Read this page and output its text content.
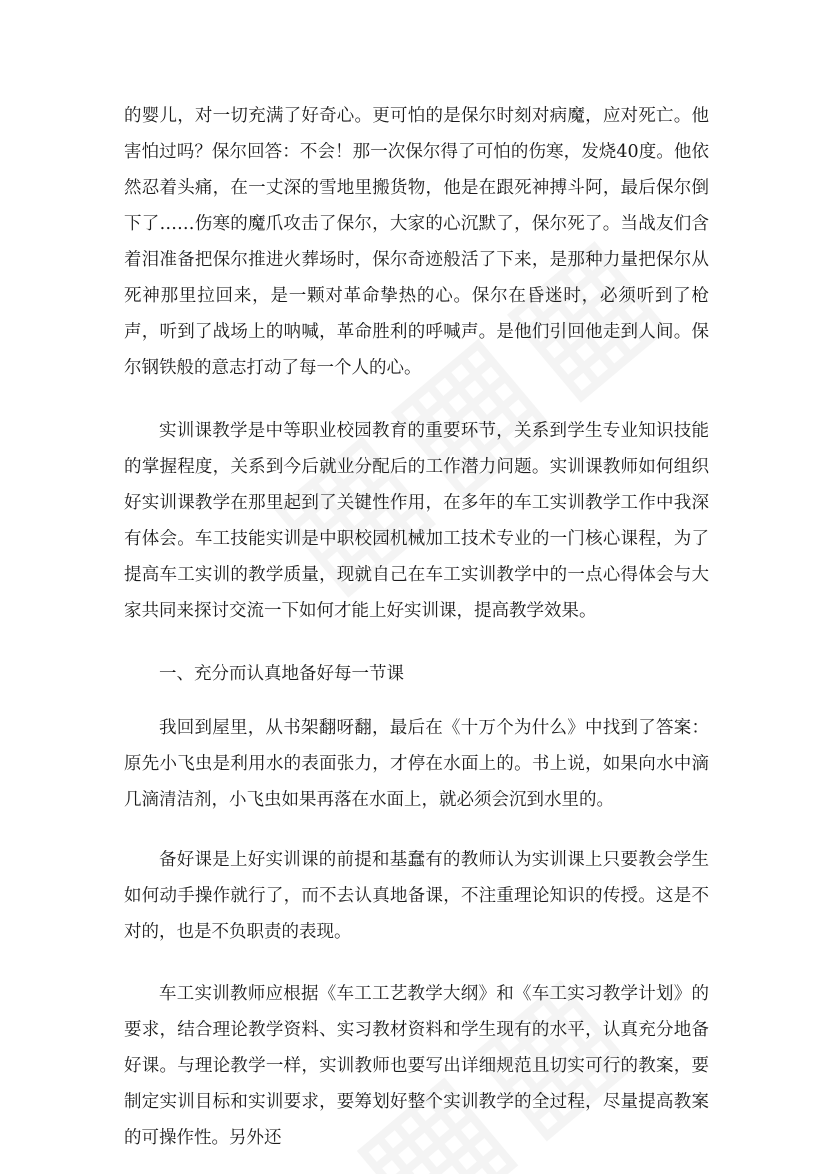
的婴儿，对一切充满了好奇心。更可怕的是保尔时刻对病魔，应对死亡。他害怕过吗？保尔回答：不会！那一次保尔得了可怕的伤寒，发烧40度。他依然忍着头痛，在一丈深的雪地里搬货物，他是在跟死神搏斗阿，最后保尔倒下了……伤寒的魔爪攻击了保尔，大家的心沉默了，保尔死了。当战友们含着泪准备把保尔推进火葬场时，保尔奇迹般活了下来，是那种力量把保尔从死神那里拉回来，是一颗对革命挚热的心。保尔在昏迷时，必须听到了枪声，听到了战场上的呐喊，革命胜利的呼喊声。是他们引回他走到人间。保尔钢铁般的意志打动了每一个人的心。

实训课教学是中等职业校园教育的重要环节，关系到学生专业知识技能的掌握程度，关系到今后就业分配后的工作潜力问题。实训课教师如何组织好实训课教学在那里起到了关键性作用，在多年的车工实训教学工作中我深有体会。车工技能实训是中职校园机械加工技术专业的一门核心课程，为了提高车工实训的教学质量，现就自己在车工实训教学中的一点心得体会与大家共同来探讨交流一下如何才能上好实训课，提高教学效果。

一、充分而认真地备好每一节课

我回到屋里，从书架翻呀翻，最后在《十万个为什么》中找到了答案：原先小飞虫是利用水的表面张力，才停在水面上的。书上说，如果向水中滴几滴清洁剂，小飞虫如果再落在水面上，就必须会沉到水里的。

备好课是上好实训课的前提和基蠢有的教师认为实训课上只要教会学生如何动手操作就行了，而不去认真地备课，不注重理论知识的传授。这是不对的，也是不负职责的表现。

车工实训教师应根据《车工工艺教学大纲》和《车工实习教学计划》的要求，结合理论教学资料、实习教材资料和学生现有的水平，认真充分地备好课。与理论教学一样，实训教师也要写出详细规范且切实可行的教案，要制定实训目标和实训要求，要筹划好整个实训教学的全过程，尽量提高教案的可操作性。另外还
